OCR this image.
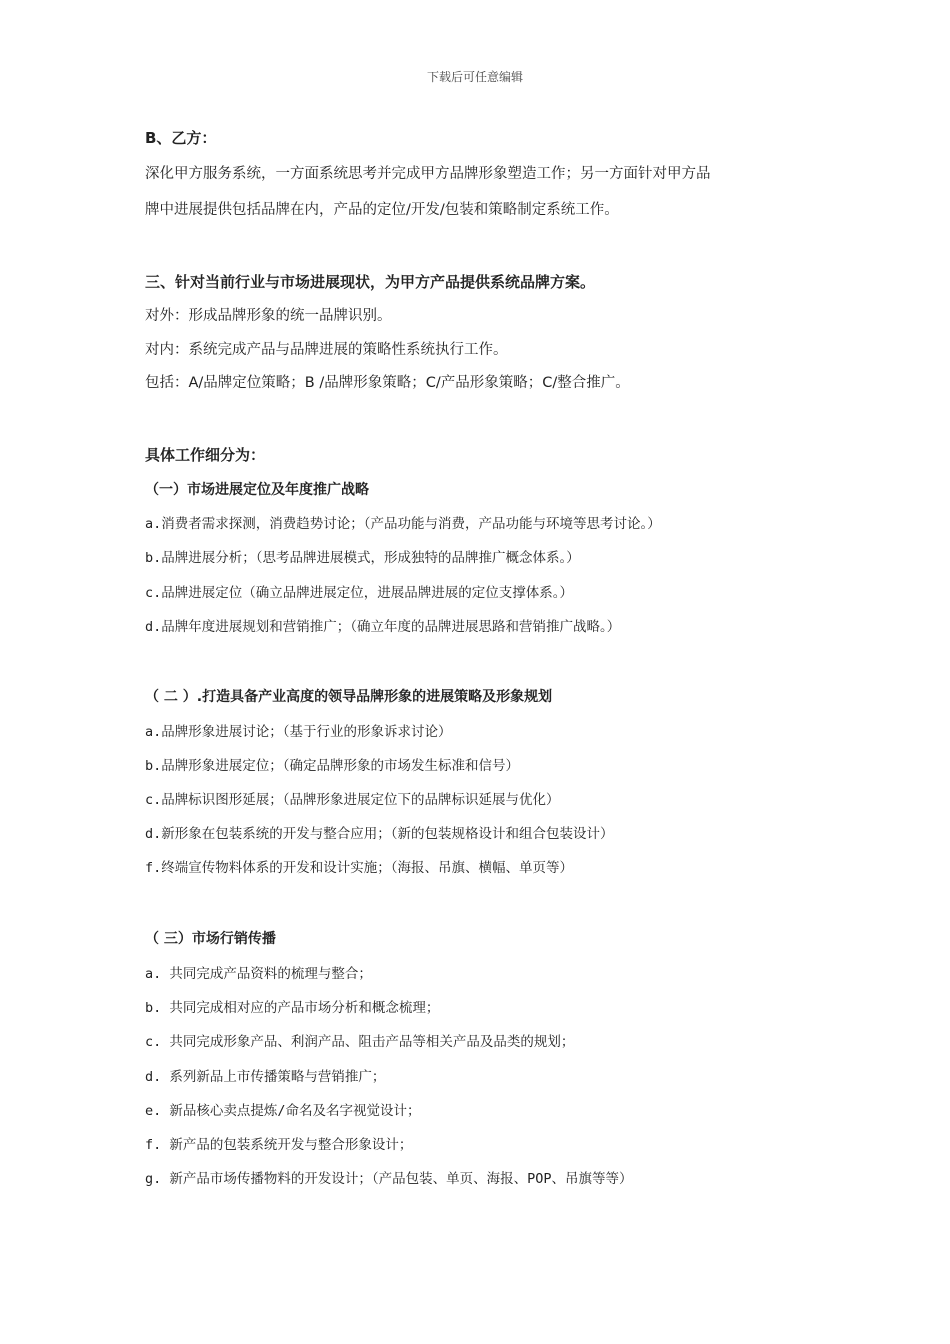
下载后可任意编辑
B、乙方：
深化甲方服务系统，一方面系统思考并完成甲方品牌形象塑造工作；另一方面针对甲方品
牌中进展提供包括品牌在内，产品的定位/开发/包装和策略制定系统工作。
三、针对当前行业与市场进展现状，为甲方产品提供系统品牌方案。
对外：形成品牌形象的统一品牌识别。
对内：系统完成产品与品牌进展的策略性系统执行工作。
包括：A/品牌定位策略；B /品牌形象策略；C/产品形象策略；C/整合推广。
具体工作细分为：
（一）市场进展定位及年度推广战略
a.消费者需求探测，消费趋势讨论；（产品功能与消费，产品功能与环境等思考讨论。）
b.品牌进展分析；（思考品牌进展模式，形成独特的品牌推广概念体系。）
c.品牌进展定位（确立品牌进展定位，进展品牌进展的定位支撑体系。）
d.品牌年度进展规划和营销推广；（确立年度的品牌进展思路和营销推广战略。）
（ 二 ）.打造具备产业高度的领导品牌形象的进展策略及形象规划
a.品牌形象进展讨论；（基于行业的形象诉求讨论）
b.品牌形象进展定位；（确定品牌形象的市场发生标准和信号）
c.品牌标识图形延展；（品牌形象进展定位下的品牌标识延展与优化）
d.新形象在包装系统的开发与整合应用；（新的包装规格设计和组合包装设计）
f.终端宣传物料体系的开发和设计实施；（海报、吊旗、横幅、单页等）
（ 三）市场行销传播
a. 共同完成产品资料的梳理与整合；
b. 共同完成相对应的产品市场分析和概念梳理；
c. 共同完成形象产品、利润产品、阻击产品等相关产品及品类的规划；
d. 系列新品上市传播策略与营销推广；
e. 新品核心卖点提炼/命名及名字视觉设计；
f. 新产品的包装系统开发与整合形象设计；
g. 新产品市场传播物料的开发设计；（产品包装、单页、海报、POP、吊旗等等）
